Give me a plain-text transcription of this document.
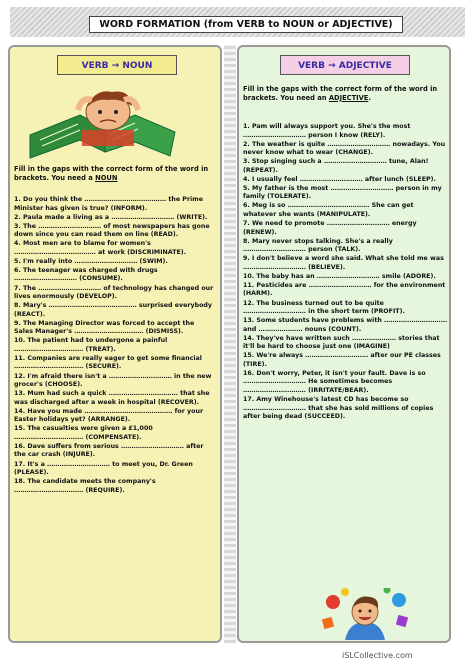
WORD FORMATION (from VERB to NOUN or ADJECTIVE)
VERB → NOUN	VERB → ADJECTIVE
Fill in the gaps with the correct form of the word in brackets. You need a NOUN
Fill in the gaps with the correct form of the word in brackets. You need an ADJECTIVE.

1. Do you think the ………………………………… the Prime Minister has given is true? (INFORM).

2. Paula made a living as a ………………………… (WRITE).

3. The ………………………… of most newspapers has gone down since you can read them on line (READ).

4. Most men are to blame for women's ………………………………… at work (DISCRIMINATE).

5. I'm really into ………………………… (SWIM).

6. The teenager was charged with drugs ………………………… (CONSUME).

7. The ………………………… of technology has changed our lives enormously (DEVELOP).

8. Mary's …………………………………… surprised everybody (REACT).

9. The Managing Director was forced to accept the Sales Manager's …………………………… (DISMISS).

10. The patient had to undergone a painful …………………………… (TREAT).

11. Companies are really eager to get some financial …………………………… (SECURE).

12. I'm afraid there isn't a ………………………… in the new grocer's (CHOOSE).

13. Mum had such a quick …………………………… that she was discharged after a week in hospital (RECOVER).

14. Have you made …………………………………… for your Easter holidays yet? (ARRANGE).

15. The casualties were given a £1,000 …………………………… (COMPENSATE).

16. Dave suffers from serious ………………………… after the car crash (INJURE).

17. It's a ………………………… to meet you, Dr. Green (PLEASE).

18. The candidate meets the company's …………………………… (REQUIRE).

1. Pam will always support you. She's the most ………………………… person I know (RELY).

2. The weather is quite ………………………… nowadays. You never know what to wear (CHANGE).

3. Stop singing such a ………………………… tune, Alan! (REPEAT).

4. I usually feel ………………………… after lunch (SLEEP).

5. My father is the most ………………………… person in my family (TOLERATE).

6. Meg is so ………………………………… She can get whatever she wants (MANIPULATE).

7. We need to promote ………………………… energy (RENEW).

8. Mary never stops talking. She's a really ………………………… person (TALK).

9. I don't believe a word she said. What she told me was ………………………… (BELIEVE).

10. The baby has an ………………………… smile (ADORE).

11. Pesticides are ………………………… for the environment (HARM).

12. The business turned out to be quite ………………………… in the short term (PROFIT).

13. Some students have problems with ………………………… and ………………… nouns (COUNT).

14. They've have written such ………………… stories that it'll be hard to choose just one (IMAGINE)

15. We're always ………………………… after our PE classes (TIRE).

16. Don't worry, Peter, it isn't your fault. Dave is so ………………………… He sometimes becomes ………………………… (IRRITATE/BEAR).

17. Amy Winehouse's latest CD has become so ………………………… that she has sold millions of copies after being dead (SUCCEED).

iSLCollective.com
